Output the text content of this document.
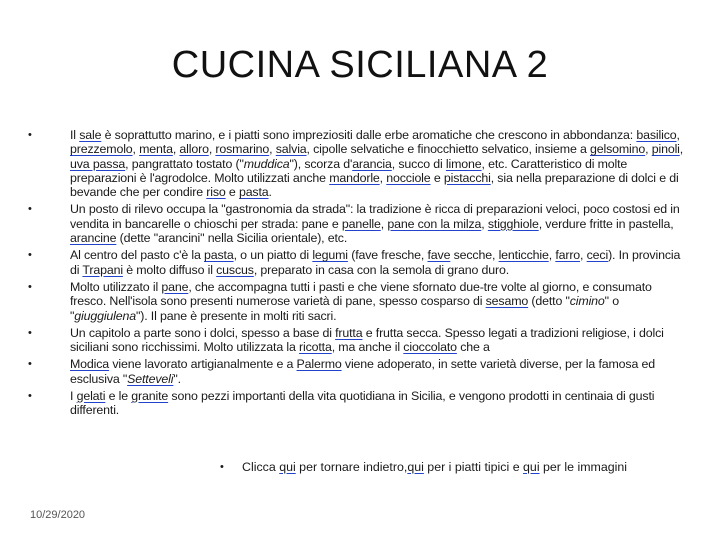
CUCINA SICILIANA 2
•	Il sale è soprattutto marino, e i piatti sono impreziositi dalle erbe aromatiche che crescono in abbondanza: basilico, prezzemolo, menta, alloro, rosmarino, salvia, cipolle selvatiche e finocchietto selvatico, insieme a gelsomino, pinoli, uva passa, pangrattato tostato ("muddica"), scorza d'arancia, succo di limone, etc. Caratteristico di molte preparazioni è l'agrodolce. Molto utilizzati anche mandorle, nocciole e pistacchi, sia nella preparazione di dolci e di bevande che per condire riso e pasta.
•	Un posto di rilevo occupa la "gastronomia da strada": la tradizione è ricca di preparazioni veloci, poco costosi ed in vendita in bancarelle o chioschi per strada: pane e panelle, pane con la milza, stigghiole, verdure fritte in pastella, arancine (dette "arancini" nella Sicilia orientale), etc.
•	Al centro del pasto c'è la pasta, o un piatto di legumi (fave fresche, fave secche, lenticchie, farro, ceci). In provincia di Trapani è molto diffuso il cuscus, preparato in casa con la semola di grano duro.
•	Molto utilizzato il pane, che accompagna tutti i pasti e che viene sfornato due-tre volte al giorno, e consumato fresco. Nell'isola sono presenti numerose varietà di pane, spesso cosparso di sesamo (detto "cimino" o "giuggiulena"). Il pane è presente in molti riti sacri.
•	Un capitolo a parte sono i dolci, spesso a base di frutta e frutta secca. Spesso legati a tradizioni religiose, i dolci siciliani sono ricchissimi. Molto utilizzata la ricotta, ma anche il cioccolato che a
•	Modica viene lavorato artigianalmente e a Palermo viene adoperato, in sette varietà diverse, per la famosa ed esclusiva "Setteveli".
•	I gelati e le granite sono pezzi importanti della vita quotidiana in Sicilia, e vengono prodotti in centinaia di gusti differenti.
•	Clicca qui per tornare indietro,qui per i piatti tipici e qui per le immagini
10/29/2020
